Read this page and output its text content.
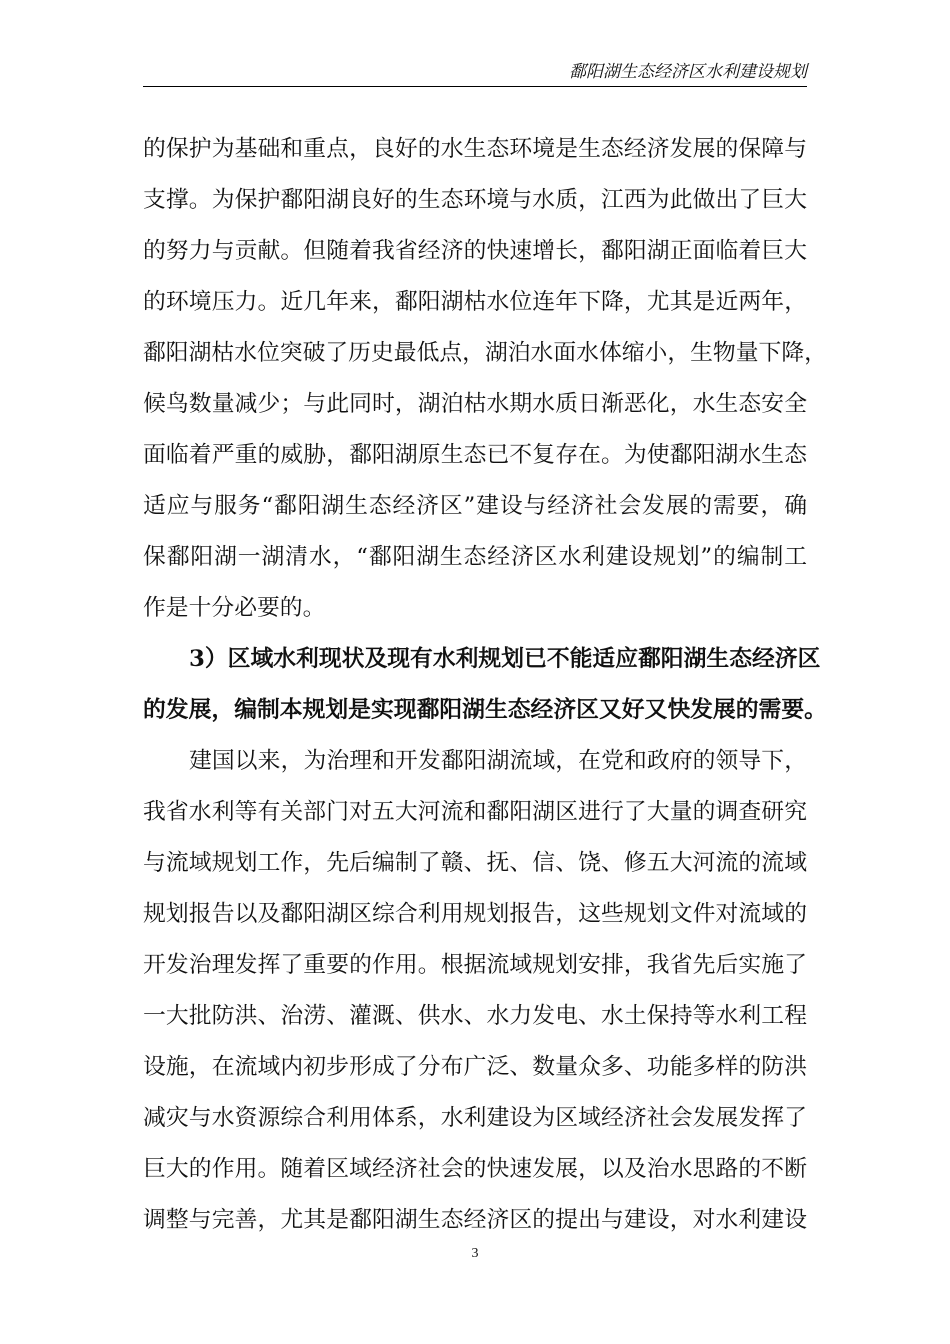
鄱阳湖生态经济区水利建设规划
的保护为基础和重点，良好的水生态环境是生态经济发展的保障与
支撑。为保护鄱阳湖良好的生态环境与水质，江西为此做出了巨大
的努力与贡献。但随着我省经济的快速增长，鄱阳湖正面临着巨大
的环境压力。近几年来，鄱阳湖枯水位连年下降，尤其是近两年，
鄱阳湖枯水位突破了历史最低点，湖泊水面水体缩小，生物量下降，
候鸟数量减少；与此同时，湖泊枯水期水质日渐恶化，水生态安全
面临着严重的威胁，鄱阳湖原生态已不复存在。为使鄱阳湖水生态
适应与服务“鄱阳湖生态经济区”建设与经济社会发展的需要，确
保鄱阳湖一湖清水，“鄱阳湖生态经济区水利建设规划”的编制工
作是十分必要的。
3）区域水利现状及现有水利规划已不能适应鄱阳湖生态经济区
的发展，编制本规划是实现鄱阳湖生态经济区又好又快发展的需要。
建国以来，为治理和开发鄱阳湖流域，在党和政府的领导下，
我省水利等有关部门对五大河流和鄱阳湖区进行了大量的调查研究
与流域规划工作，先后编制了赣、抚、信、饶、修五大河流的流域
规划报告以及鄱阳湖区综合利用规划报告，这些规划文件对流域的
开发治理发挥了重要的作用。根据流域规划安排，我省先后实施了
一大批防洪、治涝、灌溉、供水、水力发电、水土保持等水利工程
设施，在流域内初步形成了分布广泛、数量众多、功能多样的防洪
减灾与水资源综合利用体系，水利建设为区域经济社会发展发挥了
巨大的作用。随着区域经济社会的快速发展，以及治水思路的不断
调整与完善，尤其是鄱阳湖生态经济区的提出与建设，对水利建设
3
